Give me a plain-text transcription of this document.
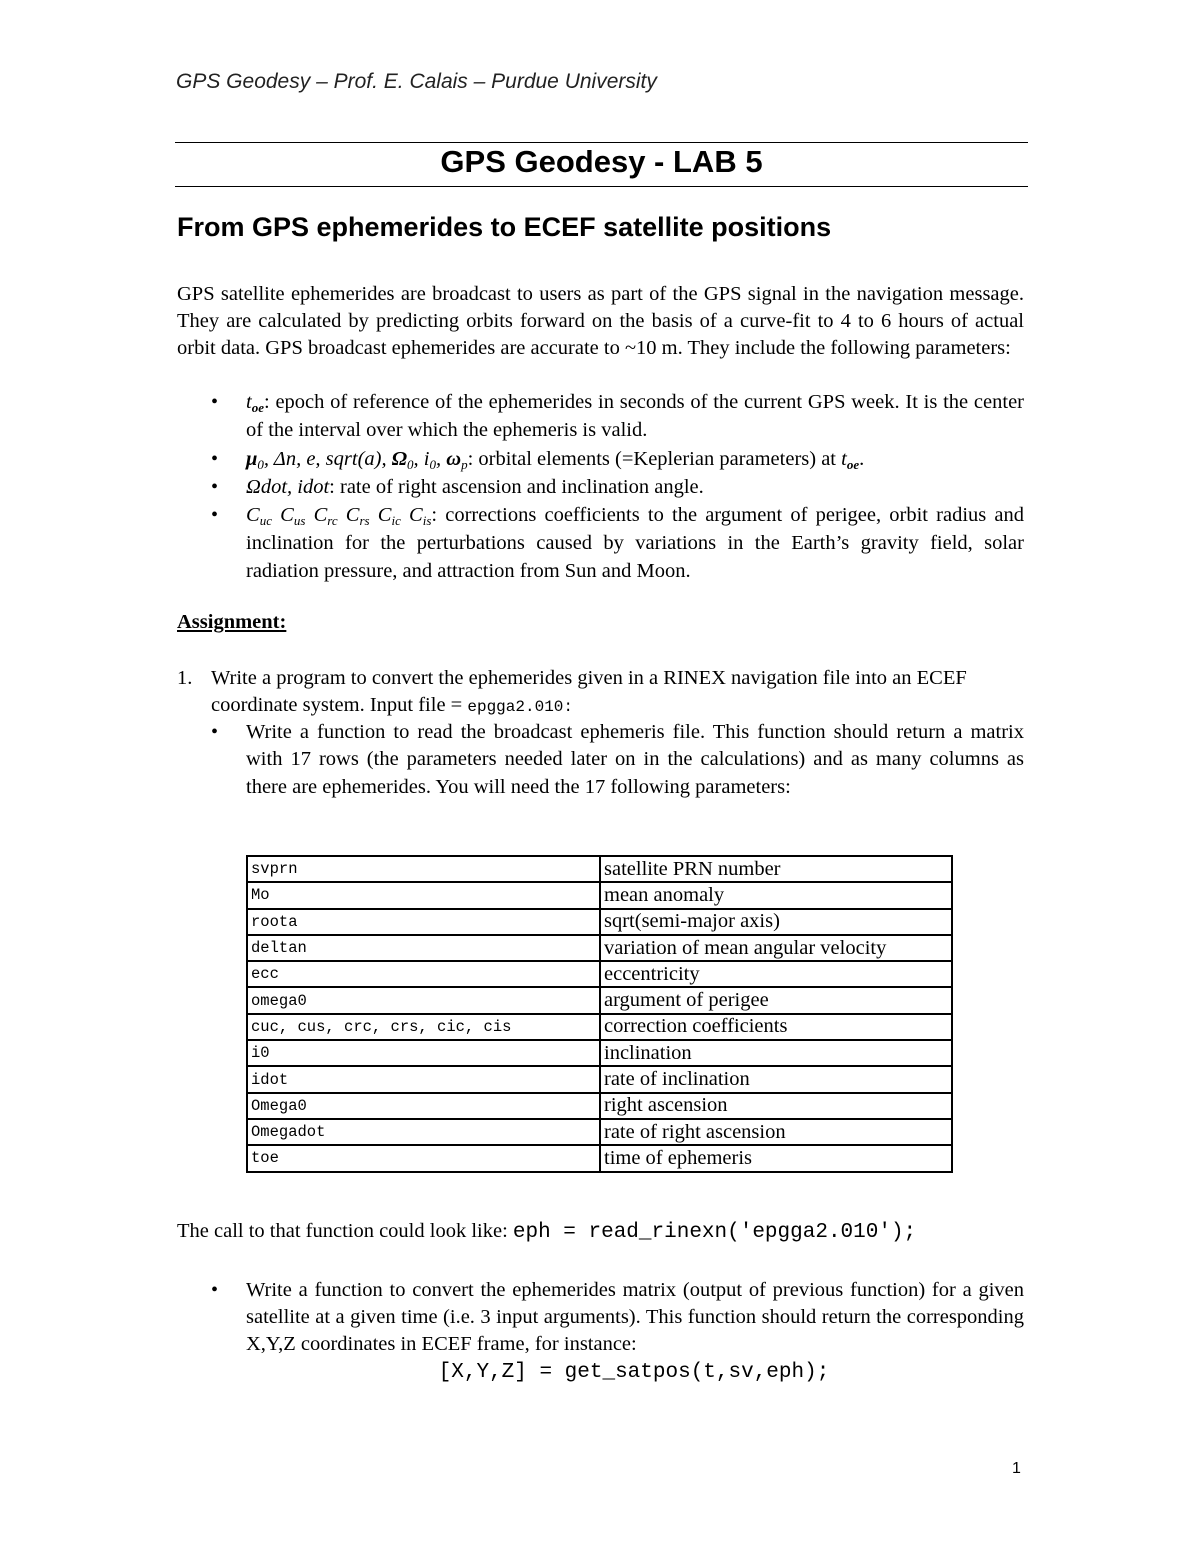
GPS Geodesy – Prof. E. Calais – Purdue University
GPS Geodesy - LAB 5
From GPS ephemerides to ECEF satellite positions
GPS satellite ephemerides are broadcast to users as part of the GPS signal in the navigation message. They are calculated by predicting orbits forward on the basis of a curve-fit to 4 to 6 hours of actual orbit data. GPS broadcast ephemerides are accurate to ~10 m. They include the following parameters:
• $t_{oe}$: epoch of reference of the ephemerides in seconds of the current GPS week. It is the center of the interval over which the ephemeris is valid.
• $\mu_0$, Δn, e, sqrt(a), $\Omega_0$, $i_0$, $\omega_p$: orbital elements (=Keplerian parameters) at $t_{oe}$.
• Ωdot, idot: rate of right ascension and inclination angle.
• $C_{uc}$ $C_{us}$ $C_{rc}$ $C_{rs}$ $C_{ic}$ $C_{is}$: corrections coefficients to the argument of perigee, orbit radius and inclination for the perturbations caused by variations in the Earth’s gravity field, solar radiation pressure, and attraction from Sun and Moon.
Assignment:
1. Write a program to convert the ephemerides given in a RINEX navigation file into an ECEF coordinate system. Input file = epgga2.010:
• Write a function to read the broadcast ephemeris file. This function should return a matrix with 17 rows (the parameters needed later on in the calculations) and as many columns as there are ephemerides. You will need the 17 following parameters:
svprn	satellite PRN number
Mo	mean anomaly
roota	sqrt(semi-major axis)
deltan	variation of mean angular velocity
ecc	eccentricity
omega0	argument of perigee
cuc, cus, crc, crs, cic, cis	correction coefficients
i0	inclination
idot	rate of inclination
Omega0	right ascension
Omegadot	rate of right ascension
toe	time of ephemeris
The call to that function could look like: eph = read_rinexn('epgga2.010');
• Write a function to convert the ephemerides matrix (output of previous function) for a given satellite at a given time (i.e. 3 input arguments). This function should return the corresponding X,Y,Z coordinates in ECEF frame, for instance:
[X,Y,Z] = get_satpos(t,sv,eph);
1
